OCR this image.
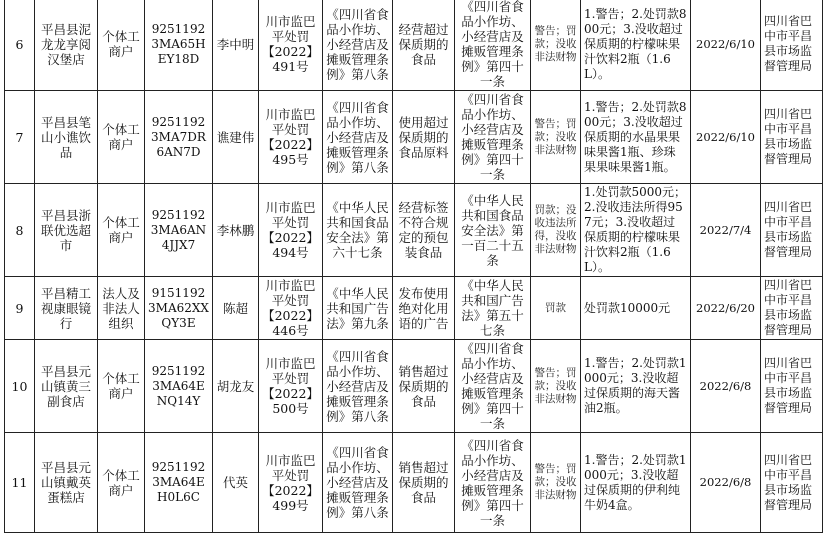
6	平昌县泥龙龙享阅汉堡店	个体工商户	92511923MA65HEY18D	李中明	川市监巴平处罚【2022】491号	《四川省食品小作坊、小经营店及摊贩管理条例》第八条	经营超过保质期的食品	《四川省食品小作坊、小经营店及摊贩管理条例》第四十一条	警告；罚款；没收非法财物	1.警告；2.处罚款800元；3.没收超过保质期的柠檬味果汁饮料2瓶（1.6L）。	2022/6/10	四川省巴中市平昌县市场监督管理局
7	平昌县笔山小谯饮品	个体工商户	92511923MA7DR6AN7D	谯建伟	川市监巴平处罚【2022】495号	《四川省食品小作坊、小经营店及摊贩管理条例》第八条	使用超过保质期的食品原料	《四川省食品小作坊、小经营店及摊贩管理条例》第四十一条	警告；罚款；没收非法财物	1.警告；2.处罚款800元；3.没收超过保质期的水晶果果味果酱1瓶、珍珠果果味果酱1瓶。	2022/6/10	四川省巴中市平昌县市场监督管理局
8	平昌县浙联优选超市	个体工商户	92511923MA6AN4JJX7	李林鹏	川市监巴平处罚【2022】494号	《中华人民共和国食品安全法》第六十七条	经营标签不符合规定的预包装食品	《中华人民共和国食品安全法》第一百二十五条	罚款；没收违法所得，没收非法财物	1.处罚款5000元；2.没收违法所得957元；3.没收超过保质期的柠檬味果汁饮料2瓶（1.6L）。	2022/7/4	四川省巴中市平昌县市场监督管理局
9	平昌精工视康眼镜行	法人及非法人组织	91511923MA62XXQY3E	陈超	川市监巴平处罚【2022】446号	《中华人民共和国广告法》第九条	发布使用绝对化用语的广告	《中华人民共和国广告法》第五十七条	罚款	处罚款10000元	2022/6/20	四川省巴中市平昌县市场监督管理局
10	平昌县元山镇黄三副食店	个体工商户	92511923MA64ENQ14Y	胡龙友	川市监巴平处罚【2022】500号	《四川省食品小作坊、小经营店及摊贩管理条例》第八条	销售超过保质期的食品	《四川省食品小作坊、小经营店及摊贩管理条例》第四十一条	警告；罚款；没收非法财物	1.警告；2.处罚款1000元；3.没收超过保质期的海天酱油2瓶。	2022/6/8	四川省巴中市平昌县市场监督管理局
11	平昌县元山镇戴英蛋糕店	个体工商户	92511923MA64EH0L6C	代英	川市监巴平处罚【2022】499号	《四川省食品小作坊、小经营店及摊贩管理条例》第八条	销售超过保质期的食品	《四川省食品小作坊、小经营店及摊贩管理条例》第四十一条	警告；罚款；没收非法财物	1.警告；2.处罚款1000元；3.没收超过保质期的伊利纯牛奶4盒。	2022/6/8	四川省巴中市平昌县市场监督管理局
